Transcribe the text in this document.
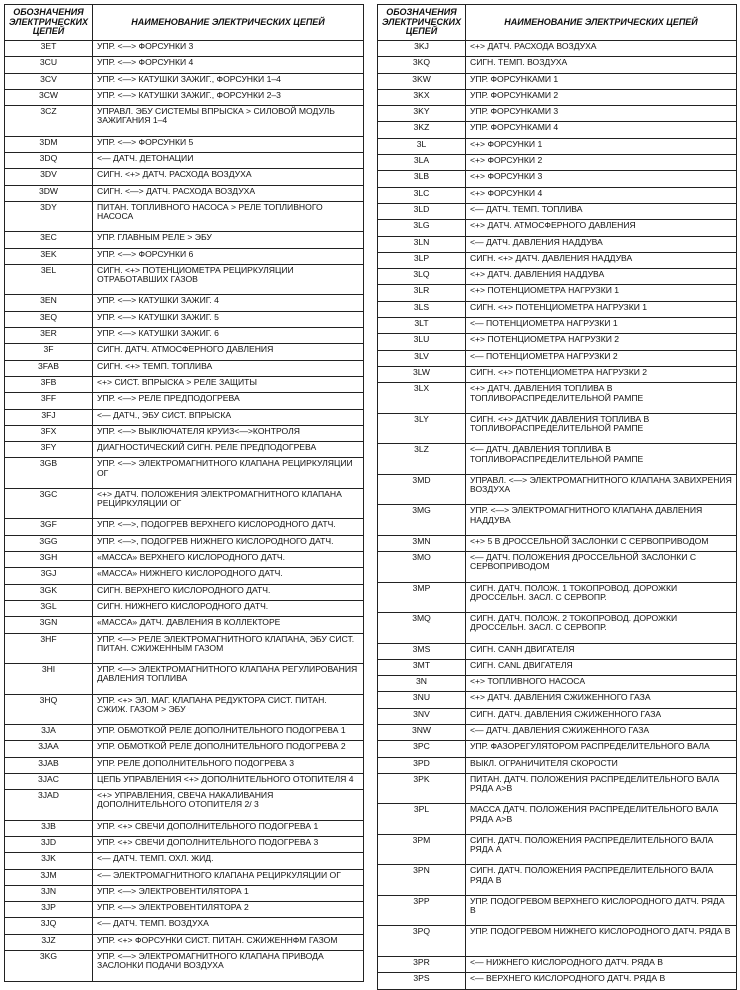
ОБОЗНАЧЕНИЯ ЭЛЕКТРИЧЕСКИХ ЦЕПЕЙ	НАИМЕНОВАНИЕ ЭЛЕКТРИЧЕСКИХ ЦЕПЕЙ
3ET	УПР. <—> ФОРСУНКИ 3
3CU	УПР. <—> ФОРСУНКИ 4
3CV	УПР. <—> КАТУШКИ ЗАЖИГ., ФОРСУНКИ 1–4
3CW	УПР. <—> КАТУШКИ ЗАЖИГ., ФОРСУНКИ 2–3
3CZ	УПРАВЛ. ЭБУ СИСТЕМЫ ВПРЫСКА > СИЛОВОЙ МОДУЛЬ ЗАЖИГАНИЯ 1–4
3DM	УПР. <—> ФОРСУНКИ 5
3DQ	<— ДАТЧ. ДЕТОНАЦИИ
3DV	СИГН. <+> ДАТЧ. РАСХОДА ВОЗДУХА
3DW	СИГН. <—> ДАТЧ. РАСХОДА ВОЗДУХА
3DY	ПИТАН. ТОПЛИВНОГО НАСОСА > РЕЛЕ ТОПЛИВНОГО НАСОСА
3EC	УПР. ГЛАВНЫМ РЕЛЕ > ЭБУ
3EK	УПР. <—> ФОРСУНКИ 6
3EL	СИГН. <+> ПОТЕНЦИОМЕТРА РЕЦИРКУЛЯЦИИ ОТРАБОТАВШИХ ГАЗОВ
3EN	УПР. <—> КАТУШКИ ЗАЖИГ. 4
3EQ	УПР. <—> КАТУШКИ ЗАЖИГ. 5
3ER	УПР. <—> КАТУШКИ ЗАЖИГ. 6
3F	СИГН. ДАТЧ. АТМОСФЕРНОГО ДАВЛЕНИЯ
3FAB	СИГН. <+> ТЕМП. ТОПЛИВА
3FB	<+> СИСТ. ВПРЫСКА > РЕЛЕ ЗАЩИТЫ
3FF	УПР. <—> РЕЛЕ ПРЕДПОДОГРЕВА
3FJ	<— ДАТЧ., ЭБУ СИСТ. ВПРЫСКА
3FX	УПР. <—> ВЫКЛЮЧАТЕЛЯ КРУИЗ<—>КОНТРОЛЯ
3FY	ДИАГНОСТИЧЕСКИЙ СИГН. РЕЛЕ ПРЕДПОДОГРЕВА
3GB	УПР. <—> ЭЛЕКТРОМАГНИТНОГО КЛАПАНА РЕЦИРКУЛЯЦИИ ОГ
3GC	<+> ДАТЧ. ПОЛОЖЕНИЯ ЭЛЕКТРОМАГНИТНОГО КЛАПАНА РЕЦИРКУЛЯЦИИ ОГ
3GF	УПР. <—>, ПОДОГРЕВ ВЕРХНЕГО КИСЛОРОДНОГО ДАТЧ.
3GG	УПР. <—>, ПОДОГРЕВ НИЖНЕГО КИСЛОРОДНОГО ДАТЧ.
3GH	«МАССА» ВЕРХНЕГО КИСЛОРОДНОГО ДАТЧ.
3GJ	«МАССА» НИЖНЕГО КИСЛОРОДНОГО ДАТЧ.
3GK	СИГН. ВЕРХНЕГО КИСЛОРОДНОГО ДАТЧ.
3GL	СИГН. НИЖНЕГО КИСЛОРОДНОГО ДАТЧ.
3GN	«МАССА» ДАТЧ. ДАВЛЕНИЯ В КОЛЛЕКТОРЕ
3HF	УПР. <—> РЕЛЕ ЭЛЕКТРОМАГНИТНОГО КЛАПАНА, ЭБУ СИСТ. ПИТАН. СЖИЖЕННЫМ ГАЗОМ
3HI	УПР. <—> ЭЛЕКТРОМАГНИТНОГО КЛАПАНА РЕГУЛИРОВАНИЯ ДАВЛЕНИЯ ТОПЛИВА
3HQ	УПР. <+> ЭЛ. МАГ. КЛАПАНА РЕДУКТОРА СИСТ. ПИТАН. СЖИЖ. ГАЗОМ > ЭБУ
3JA	УПР. ОБМОТКОЙ РЕЛЕ ДОПОЛНИТЕЛЬНОГО ПОДОГРЕВА 1
3JAA	УПР. ОБМОТКОЙ РЕЛЕ ДОПОЛНИТЕЛЬНОГО ПОДОГРЕВА 2
3JAB	УПР. РЕЛЕ ДОПОЛНИТЕЛЬНОГО ПОДОГРЕВА 3
3JAC	ЦЕПЬ УПРАВЛЕНИЯ <+> ДОПОЛНИТЕЛЬНОГО ОТОПИТЕЛЯ 4
3JAD	<+> УПРАВЛЕНИЯ, СВЕЧА НАКАЛИВАНИЯ ДОПОЛНИТЕЛЬНОГО ОТОПИТЕЛЯ 2/ 3
3JB	УПР. <+> СВЕЧИ ДОПОЛНИТЕЛЬНОГО ПОДОГРЕВА 1
3JD	УПР. <+> СВЕЧИ ДОПОЛНИТЕЛЬНОГО ПОДОГРЕВА 3
3JK	<— ДАТЧ. ТЕМП. ОХЛ. ЖИД.
3JM	<— ЭЛЕКТРОМАГНИТНОГО КЛАПАНА РЕЦИРКУЛЯЦИИ ОГ
3JN	УПР. <—> ЭЛЕКТРОВЕНТИЛЯТОРА 1
3JP	УПР. <—> ЭЛЕКТРОВЕНТИЛЯТОРА 2
3JQ	<— ДАТЧ. ТЕМП. ВОЗДУХА
3JZ	УПР. <+> ФОРСУНКИ СИСТ. ПИТАН. СЖИЖЕННФМ ГАЗОМ
3KG	УПР. <—> ЭЛЕКТРОМАГНИТНОГО КЛАПАНА ПРИВОДА ЗАСЛОНКИ ПОДАЧИ ВОЗДУХА
ОБОЗНАЧЕНИЯ ЭЛЕКТРИЧЕСКИХ ЦЕПЕЙ	НАИМЕНОВАНИЕ ЭЛЕКТРИЧЕСКИХ ЦЕПЕЙ
3KJ	<+> ДАТЧ. РАСХОДА ВОЗДУХА
3KQ	СИГН. ТЕМП. ВОЗДУХА
3KW	УПР. ФОРСУНКАМИ 1
3KX	УПР. ФОРСУНКАМИ 2
3KY	УПР. ФОРСУНКАМИ 3
3KZ	УПР. ФОРСУНКАМИ 4
3L	<+> ФОРСУНКИ 1
3LA	<+> ФОРСУНКИ 2
3LB	<+> ФОРСУНКИ 3
3LC	<+> ФОРСУНКИ 4
3LD	<— ДАТЧ. ТЕМП. ТОПЛИВА
3LG	<+> ДАТЧ. АТМОСФЕРНОГО ДАВЛЕНИЯ
3LN	<— ДАТЧ. ДАВЛЕНИЯ НАДДУВА
3LP	СИГН. <+> ДАТЧ. ДАВЛЕНИЯ НАДДУВА
3LQ	<+> ДАТЧ. ДАВЛЕНИЯ НАДДУВА
3LR	<+> ПОТЕНЦИОМЕТРА НАГРУЗКИ 1
3LS	СИГН. <+> ПОТЕНЦИОМЕТРА НАГРУЗКИ 1
3LT	<— ПОТЕНЦИОМЕТРА НАГРУЗКИ 1
3LU	<+> ПОТЕНЦИОМЕТРА НАГРУЗКИ 2
3LV	<— ПОТЕНЦИОМЕТРА НАГРУЗКИ 2
3LW	СИГН. <+> ПОТЕНЦИОМЕТРА НАГРУЗКИ 2
3LX	<+> ДАТЧ. ДАВЛЕНИЯ ТОПЛИВА В ТОПЛИВОРАСПРЕДЕЛИТЕЛЬНОЙ РАМПЕ
3LY	СИГН. <+> ДАТЧИК ДАВЛЕНИЯ ТОПЛИВА В ТОПЛИВОРАСПРЕДЕЛИТЕЛЬНОЙ РАМПЕ
3LZ	<— ДАТЧ. ДАВЛЕНИЯ ТОПЛИВА В ТОПЛИВОРАСПРЕДЕЛИТЕЛЬНОЙ РАМПЕ
3MD	УПРАВЛ. <—> ЭЛЕКТРОМАГНИТНОГО КЛАПАНА ЗАВИХРЕНИЯ ВОЗДУХА
3MG	УПР. <—> ЭЛЕКТРОМАГНИТНОГО КЛАПАНА ДАВЛЕНИЯ НАДДУВА
3MN	<+> 5 В ДРОССЕЛЬНОЙ ЗАСЛОНКИ С СЕРВОПРИВОДОМ
3MO	<— ДАТЧ. ПОЛОЖЕНИЯ ДРОССЕЛЬНОЙ ЗАСЛОНКИ С СЕРВОПРИВОДОМ
3MP	СИГН. ДАТЧ. ПОЛОЖ. 1 ТОКОПРОВОД. ДОРОЖКИ ДРОССЕЛЬН. ЗАСЛ. С СЕРВОПР.
3MQ	СИГН. ДАТЧ. ПОЛОЖ. 2 ТОКОПРОВОД. ДОРОЖКИ ДРОССЕЛЬН. ЗАСЛ. С СЕРВОПР.
3MS	СИГН. CANH ДВИГАТЕЛЯ
3MT	СИГН. CANL ДВИГАТЕЛЯ
3N	<+> ТОПЛИВНОГО НАСОСА
3NU	<+> ДАТЧ. ДАВЛЕНИЯ СЖИЖЕННОГО ГАЗА
3NV	СИГН. ДАТЧ. ДАВЛЕНИЯ СЖИЖЕННОГО ГАЗА
3NW	<— ДАТЧ. ДАВЛЕНИЯ СЖИЖЕННОГО ГАЗА
3PC	УПР. ФАЗОРЕГУЛЯТОРОМ РАСПРЕДЕЛИТЕЛЬНОГО ВАЛА
3PD	ВЫКЛ. ОГРАНИЧИТЕЛЯ СКОРОСТИ
3PK	ПИТАН. ДАТЧ. ПОЛОЖЕНИЯ РАСПРЕДЕЛИТЕЛЬНОГО ВАЛА РЯДА А>В
3PL	МАССА ДАТЧ. ПОЛОЖЕНИЯ РАСПРЕДЕЛИТЕЛЬНОГО ВАЛА РЯДА А>В
3PM	СИГН. ДАТЧ. ПОЛОЖЕНИЯ РАСПРЕДЕЛИТЕЛЬНОГО ВАЛА РЯДА А
3PN	СИГН. ДАТЧ. ПОЛОЖЕНИЯ РАСПРЕДЕЛИТЕЛЬНОГО ВАЛА РЯДА В
3PP	УПР. ПОДОГРЕВОМ ВЕРХНЕГО КИСЛОРОДНОГО ДАТЧ. РЯДА В
3PQ	УПР. ПОДОГРЕВОМ НИЖНЕГО КИСЛОРОДНОГО ДАТЧ. РЯДА В
3PR	<— НИЖНЕГО КИСЛОРОДНОГО ДАТЧ. РЯДА В
3PS	<— ВЕРХНЕГО КИСЛОРОДНОГО ДАТЧ. РЯДА В
